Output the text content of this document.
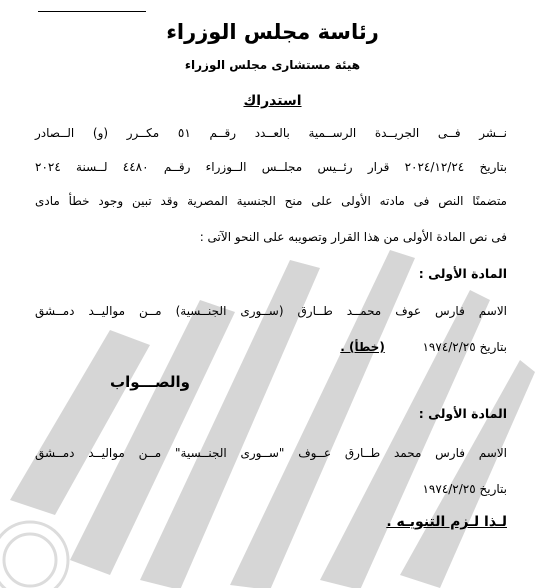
رئاسة مجلس الوزراء
هيئة مستشارى مجلس الوزراء
استدراك
نــشر فــى الجريــدة الرســمية بالعــدد رقــم ٥١ مكــرر (و) الــصادر
بتاريخ ٢٠٢٤/١٢/٢٤ قرار رئــيس مجلــس الــوزراء رقــم ٤٤٨٠ لــسنة ٢٠٢٤
متضمنًا النص فى مادته الأولى على منح الجنسية المصرية وقد تبين وجود خطأ مادى
فى نص المادة الأولى من هذا القرار وتصويبه على النحو الآتى :
المادة الأولى :
الاسم فارس عوف محمــد طــارق (ســورى الجنــسية) مــن مواليــد دمــشق
بتاريخ ١٩٧٤/٢/٢٥  (خطأ) .
والصـــواب
المادة الأولى :
الاسم فارس محمد طــارق عــوف "ســورى الجنــسية" مــن مواليــد دمــشق
بتاريخ ١٩٧٤/٢/٢٥
لـذا لـزم التنويـه .
